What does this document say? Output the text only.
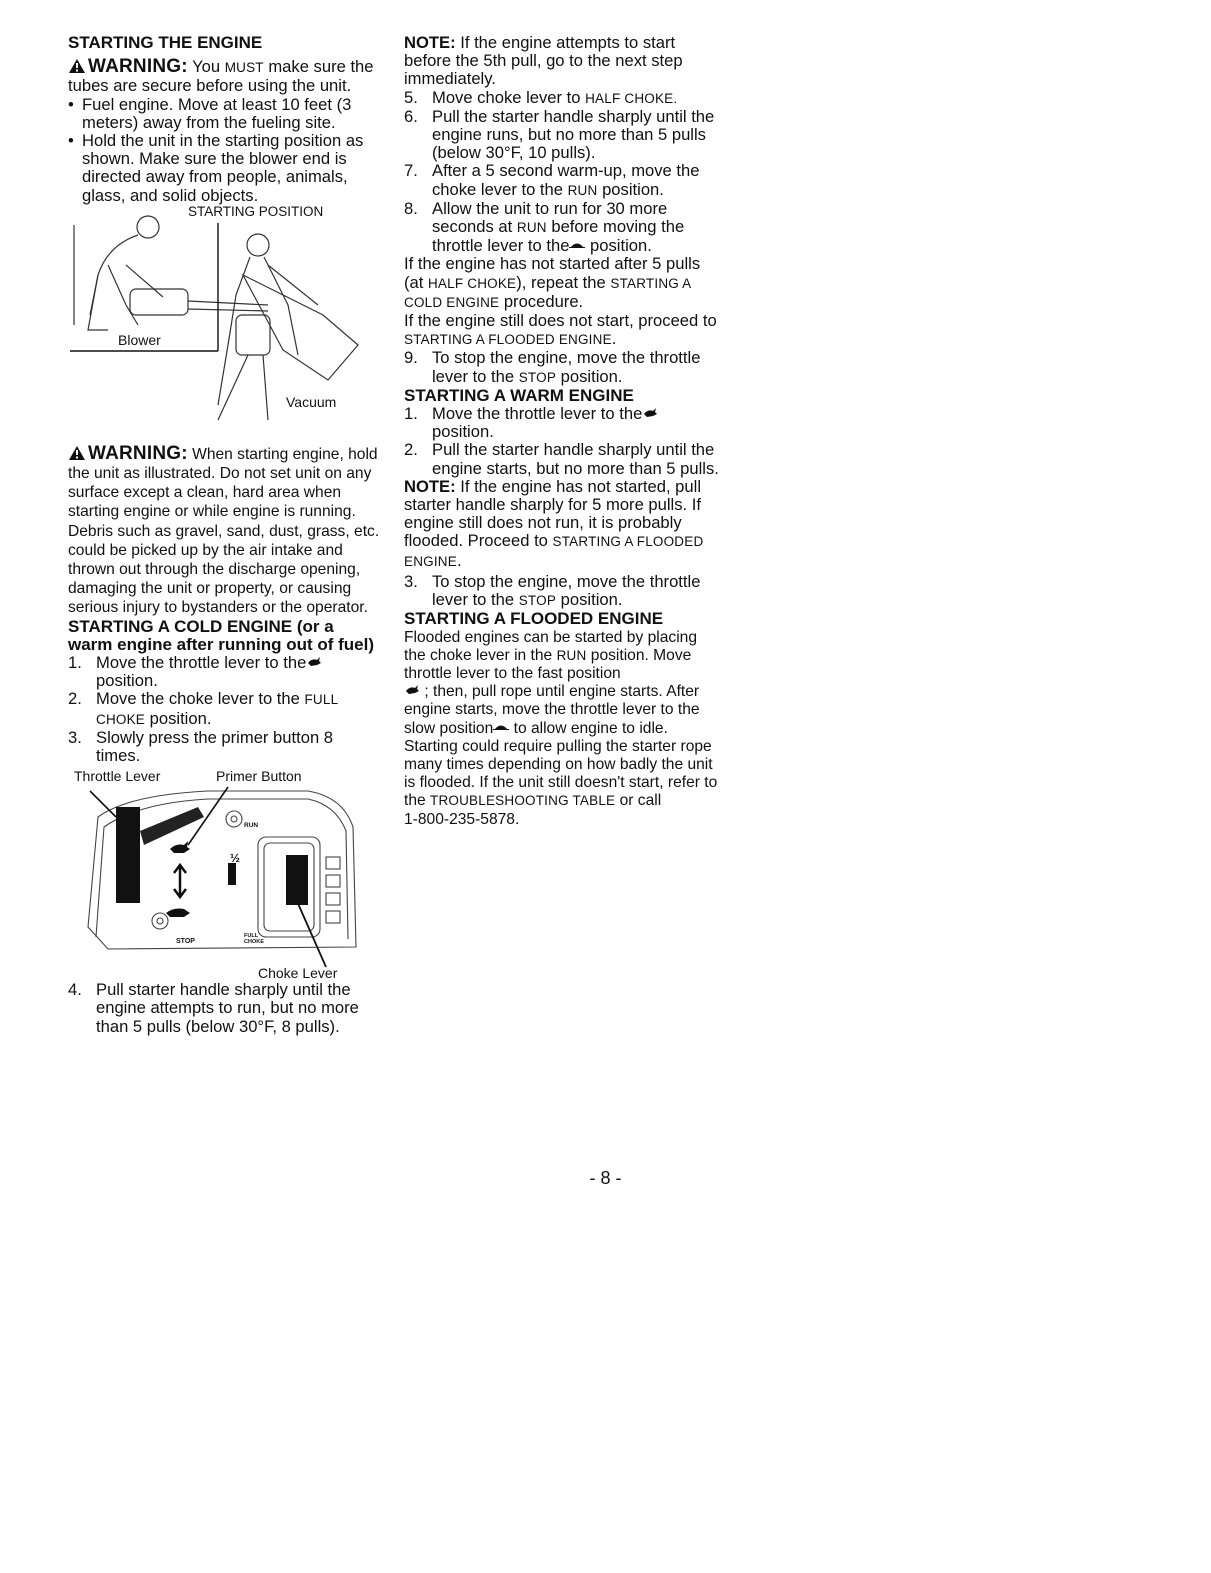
STARTING THE ENGINE

WARNING: You MUST make sure the tubes are secure before using the unit.

• Fuel engine. Move at least 10 feet (3 meters) away from the fueling site.
• Hold the unit in the starting position as shown. Make sure the blower end is directed away from people, animals, glass, and solid objects.
STARTING POSITION
Blower
Vacuum

WARNING: When starting engine, hold the unit as illustrated. Do not set unit on any surface except a clean, hard area when starting engine or while engine is running. Debris such as gravel, sand, dust, grass, etc. could be picked up by the air intake and thrown out through the discharge opening, damaging the unit or property, or causing serious injury to bystanders or the operator.

STARTING A COLD ENGINE (or a warm engine after running out of fuel)

1. Move the throttle lever to the
position.
2. Move the choke lever to the FULL CHOKE position.
3. Slowly press the primer button 8 times.
Throttle Lever	Primer Button
RUN
½
STOP
FULL CHOKE
Choke Lever
4. Pull starter handle sharply until the engine attempts to run, but no more than 5 pulls (below 30°F, 8 pulls).

NOTE: If the engine attempts to start before the 5th pull, go to the next step immediately.

5. Move choke lever to HALF CHOKE.
6. Pull the starter handle sharply until the engine runs, but no more than 5 pulls (below 30°F, 10 pulls).
7. After a 5 second warm-up, move the choke lever to the RUN position.
8. Allow the unit to run for 30 more seconds at RUN before moving the throttle lever to the position.

If the engine has not started after 5 pulls (at HALF CHOKE), repeat the STARTING A COLD ENGINE procedure.

If the engine still does not start, proceed to STARTING A FLOODED ENGINE.

9. To stop the engine, move the throttle lever to the STOP position.

STARTING A WARM ENGINE

1. Move the throttle lever to the
position.
2. Pull the starter handle sharply until the engine starts, but no more than 5 pulls.

NOTE: If the engine has not started, pull starter handle sharply for 5 more pulls. If engine still does not run, it is probably flooded. Proceed to STARTING A FLOODED ENGINE.

3. To stop the engine, move the throttle lever to the STOP position.

STARTING A FLOODED ENGINE

Flooded engines can be started by placing the choke lever in the RUN position. Move throttle lever to the fast position
; then, pull rope until engine starts. After engine starts, move the throttle lever to the slow position to allow engine to idle.

Starting could require pulling the starter rope many times depending on how badly the unit is flooded. If the unit still doesn't start, refer to the TROUBLESHOOTING TABLE or call
1-800-235-5878.

- 8 -
